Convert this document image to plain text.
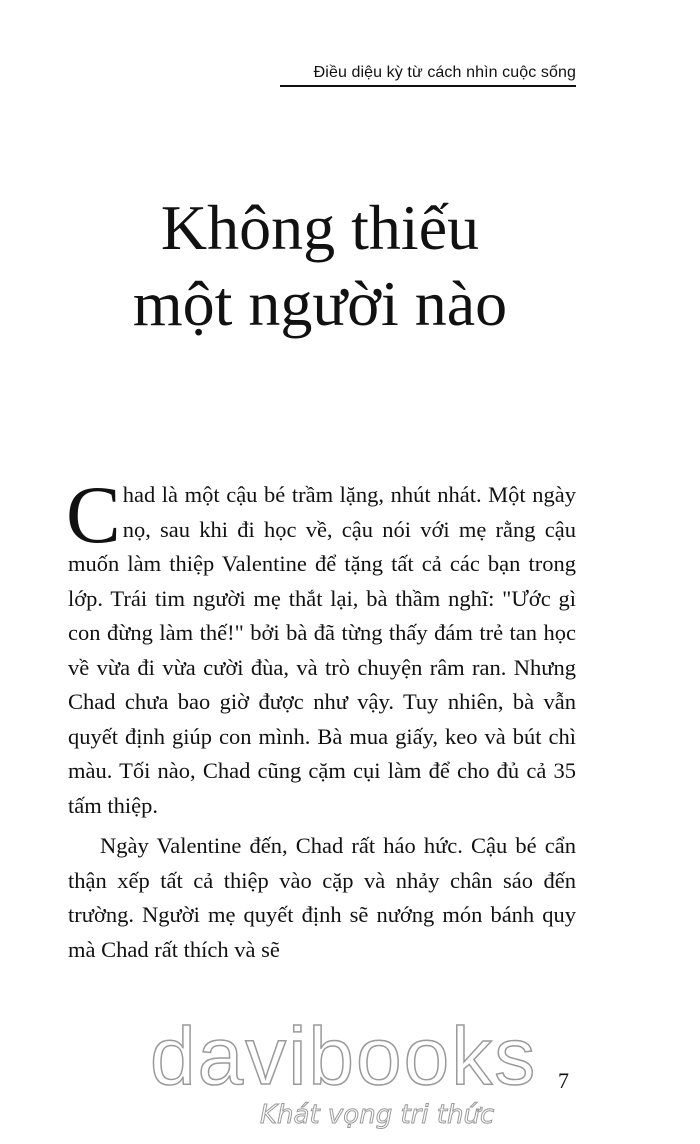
Điều diệu kỳ từ cách nhìn cuộc sống
Không thiếu
một người nào

Chad là một cậu bé trầm lặng, nhút nhát. Một ngày nọ, sau khi đi học về, cậu nói với mẹ rằng cậu muốn làm thiệp Valentine để tặng tất cả các bạn trong lớp. Trái tim người mẹ thắt lại, bà thầm nghĩ: "Ước gì con đừng làm thế!" bởi bà đã từng thấy đám trẻ tan học về vừa đi vừa cười đùa, và trò chuyện râm ran. Nhưng Chad chưa bao giờ được như vậy. Tuy nhiên, bà vẫn quyết định giúp con mình. Bà mua giấy, keo và bút chì màu. Tối nào, Chad cũng cặm cụi làm để cho đủ cả 35 tấm thiệp.

Ngày Valentine đến, Chad rất háo hức. Cậu bé cẩn thận xếp tất cả thiệp vào cặp và nhảy chân sáo đến trường. Người mẹ quyết định sẽ nướng món bánh quy mà Chad rất thích và sẽ

davibooks
Khát vọng tri thức
7
